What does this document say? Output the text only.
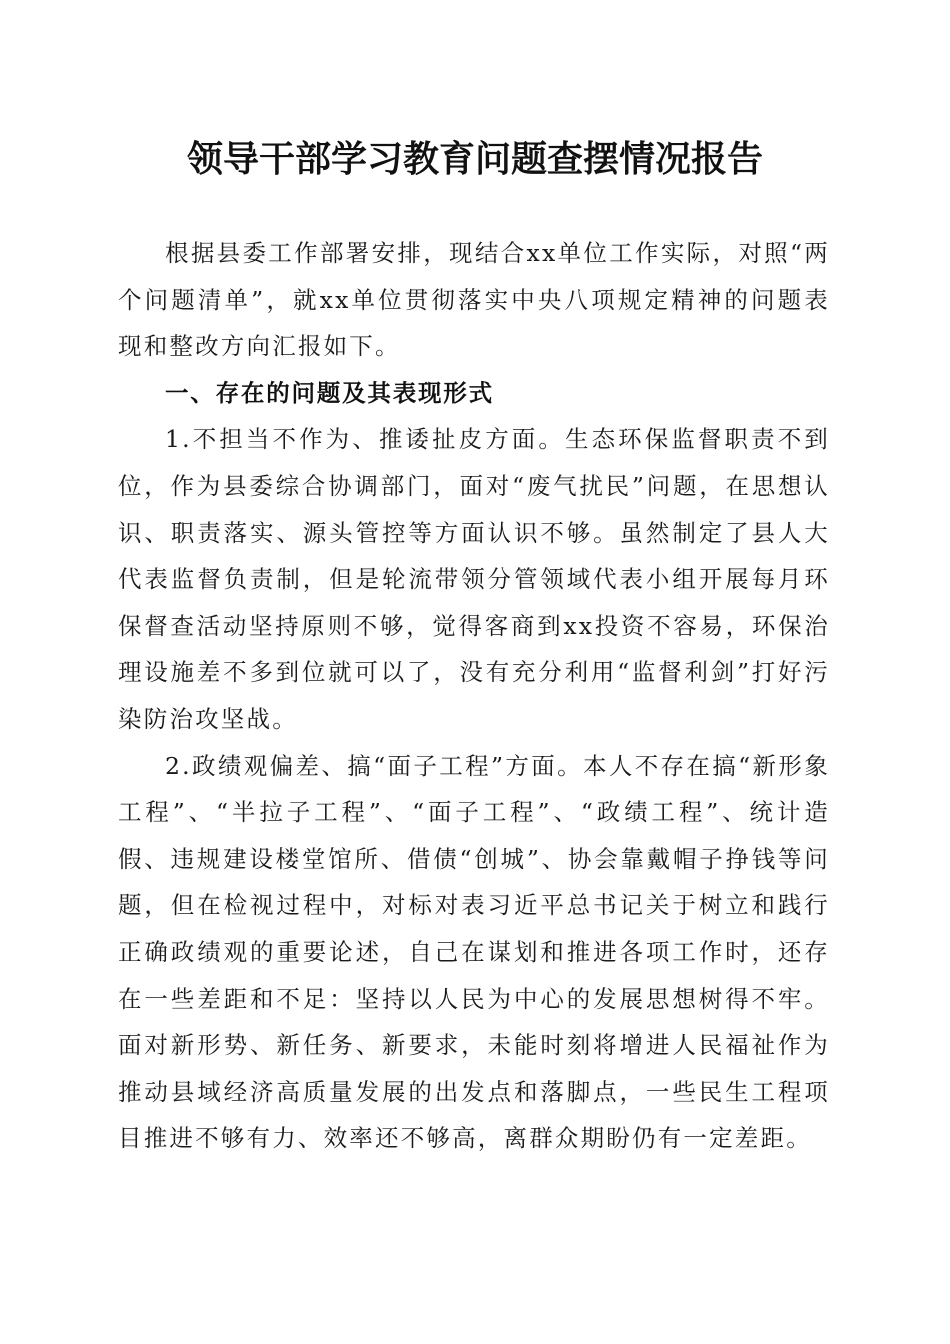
领导干部学习教育问题查摆情况报告

根据县委工作部署安排，现结合xx单位工作实际，对照“两个问题清单”，就xx单位贯彻落实中央八项规定精神的问题表现和整改方向汇报如下。

一、存在的问题及其表现形式

1.不担当不作为、推诿扯皮方面。生态环保监督职责不到位，作为县委综合协调部门，面对“废气扰民”问题，在思想认识、职责落实、源头管控等方面认识不够。虽然制定了县人大代表监督负责制，但是轮流带领分管领域代表小组开展每月环保督查活动坚持原则不够，觉得客商到xx投资不容易，环保治理设施差不多到位就可以了，没有充分利用“监督利剑”打好污染防治攻坚战。

2.政绩观偏差、搞“面子工程”方面。本人不存在搞“新形象工程”、“半拉子工程”、“面子工程”、“政绩工程”、统计造假、违规建设楼堂馆所、借债“创城”、协会靠戴帽子挣钱等问题，但在检视过程中，对标对表习近平总书记关于树立和践行正确政绩观的重要论述，自己在谋划和推进各项工作时，还存在一些差距和不足：坚持以人民为中心的发展思想树得不牢。面对新形势、新任务、新要求，未能时刻将增进人民福祉作为推动县域经济高质量发展的出发点和落脚点，一些民生工程项目推进不够有力、效率还不够高，离群众期盼仍有一定差距。
